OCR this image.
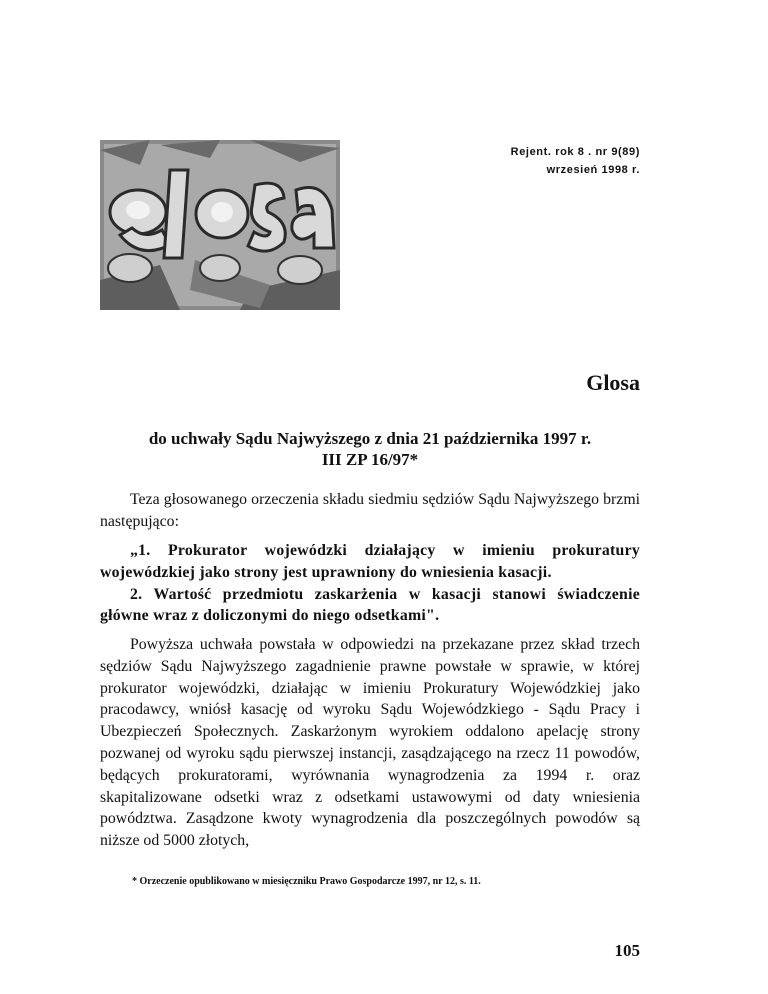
Rejent. rok 8 . nr 9(89)
wrzesień 1998 r.
Glosa
do uchwały Sądu Najwyższego z dnia 21 października 1997 r.
III ZP 16/97*

Teza głosowanego orzeczenia składu siedmiu sędziów Sądu Najwyższego brzmi następująco:

„1. Prokurator wojewódzki działający w imieniu prokuratury wojewódzkiej jako strony jest uprawniony do wniesienia kasacji.

2. Wartość przedmiotu zaskarżenia w kasacji stanowi świadczenie główne wraz z doliczonymi do niego odsetkami".

Powyższa uchwała powstała w odpowiedzi na przekazane przez skład trzech sędziów Sądu Najwyższego zagadnienie prawne powstałe w sprawie, w której prokurator wojewódzki, działając w imieniu Prokuratury Wojewódzkiej jako pracodawcy, wniósł kasację od wyroku Sądu Wojewódzkiego - Sądu Pracy i Ubezpieczeń Społecznych. Zaskarżonym wyrokiem oddalono apelację strony pozwanej od wyroku sądu pierwszej instancji, zasądzającego na rzecz 11 powodów, będących prokuratorami, wyrównania wynagrodzenia za 1994 r. oraz skapitalizowane odsetki wraz z odsetkami ustawowymi od daty wniesienia powództwa. Zasądzone kwoty wynagrodzenia dla poszczególnych powodów są niższe od 5000 złotych,

* Orzeczenie opublikowano w miesięczniku Prawo Gospodarcze 1997, nr 12, s. 11.
105
